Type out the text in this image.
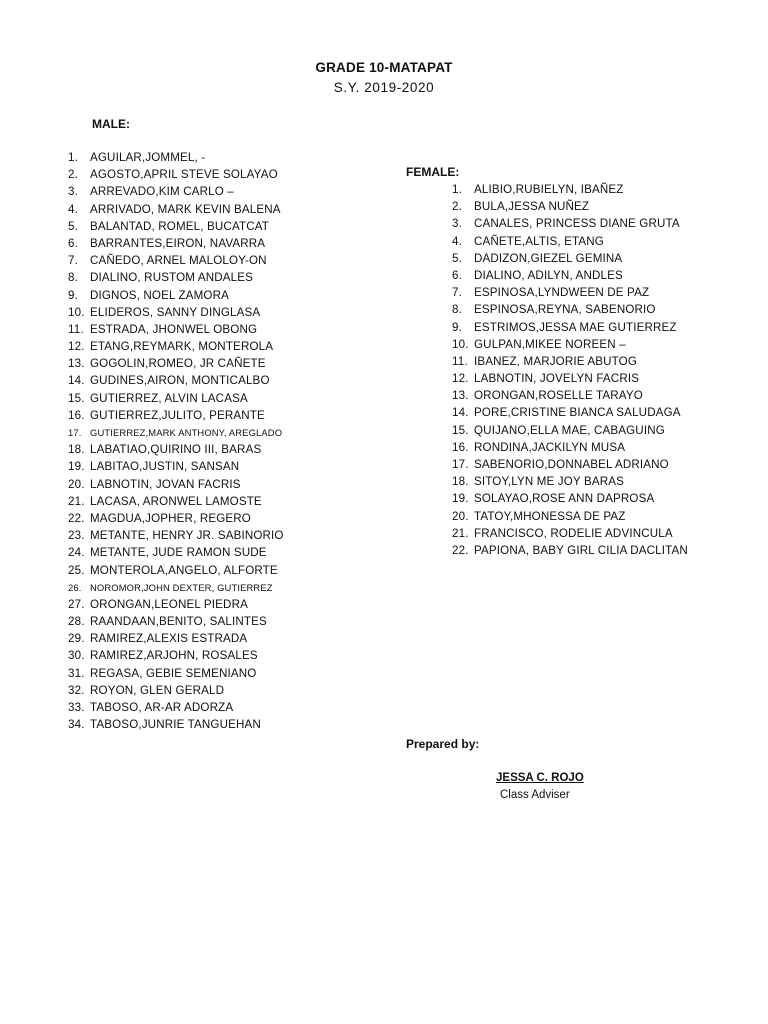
GRADE 10-MATAPAT
S.Y. 2019-2020
MALE:
1. AGUILAR,JOMMEL, -
2. AGOSTO,APRIL STEVE SOLAYAO
3. ARREVADO,KIM CARLO –
4. ARRIVADO, MARK KEVIN BALENA
5. BALANTAD, ROMEL, BUCATCAT
6. BARRANTES,EIRON, NAVARRA
7. CAÑEDO, ARNEL MALOLOY-ON
8. DIALINO, RUSTOM ANDALES
9. DIGNOS, NOEL ZAMORA
10. ELIDEROS, SANNY DINGLASA
11. ESTRADA, JHONWEL OBONG
12. ETANG,REYMARK, MONTEROLA
13. GOGOLIN,ROMEO, JR CAÑETE
14. GUDINES,AIRON, MONTICALBO
15. GUTIERREZ, ALVIN LACASA
16. GUTIERREZ,JULITO, PERANTE
17. GUTIERREZ,MARK ANTHONY, AREGLADO
18. LABATIAO,QUIRINO III, BARAS
19. LABITAO,JUSTIN, SANSAN
20. LABNOTIN, JOVAN FACRIS
21. LACASA, ARONWEL LAMOSTE
22. MAGDUA,JOPHER, REGERO
23. METANTE, HENRY JR. SABINORIO
24. METANTE, JUDE RAMON SUDE
25. MONTEROLA,ANGELO, ALFORTE
26. NOROMOR,JOHN DEXTER, GUTIERREZ
27. ORONGAN,LEONEL PIEDRA
28. RAANDAAN,BENITO, SALINTES
29. RAMIREZ,ALEXIS ESTRADA
30. RAMIREZ,ARJOHN, ROSALES
31. REGASA, GEBIE SEMENIANO
32. ROYON, GLEN GERALD
33. TABOSO, AR-AR ADORZA
34. TABOSO,JUNRIE TANGUEHAN
FEMALE:
1. ALIBIO,RUBIELYN, IBAÑEZ
2. BULA,JESSA NUÑEZ
3. CANALES, PRINCESS DIANE GRUTA
4. CAÑETE,ALTIS, ETANG
5. DADIZON,GIEZEL GEMINA
6. DIALINO, ADILYN, ANDLES
7. ESPINOSA,LYNDWEEN DE PAZ
8. ESPINOSA,REYNA, SABENORIO
9. ESTRIMOS,JESSA MAE GUTIERREZ
10. GULPAN,MIKEE NOREEN –
11. IBANEZ, MARJORIE ABUTOG
12. LABNOTIN, JOVELYN FACRIS
13. ORONGAN,ROSELLE TARAYO
14. PORE,CRISTINE BIANCA SALUDAGA
15. QUIJANO,ELLA MAE, CABAGUING
16. RONDINA,JACKILYN MUSA
17. SABENORIO,DONNABEL ADRIANO
18. SITOY,LYN ME JOY BARAS
19. SOLAYAO,ROSE ANN DAPROSA
20. TATOY,MHONESSA DE PAZ
21. FRANCISCO, RODELIE ADVINCULA
22. PAPIONA, BABY GIRL CILIA DACLITAN
Prepared by:
JESSA C. ROJO
Class Adviser
